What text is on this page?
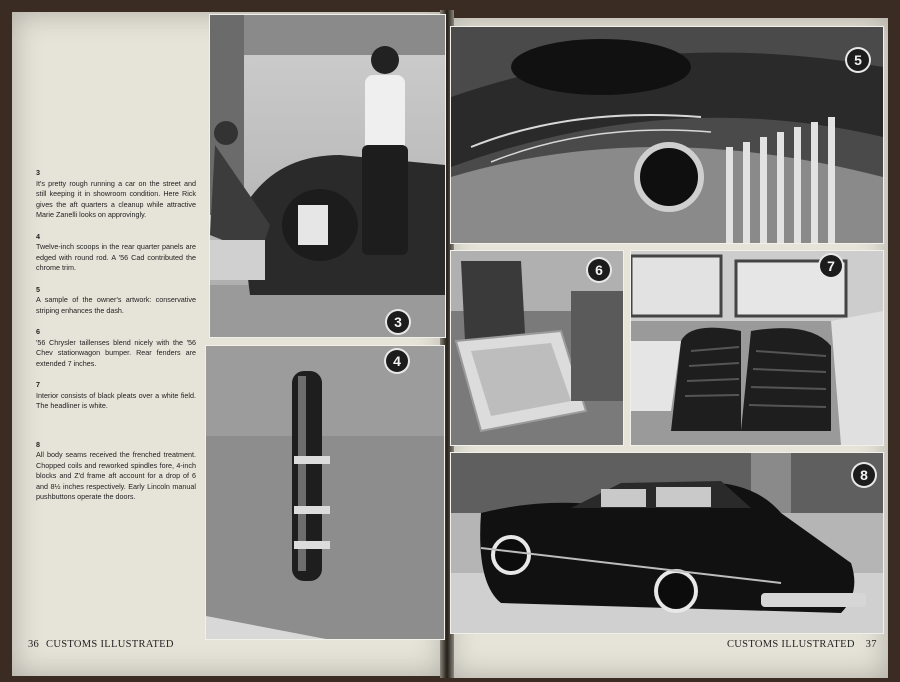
3
It's pretty rough running a car on the street and still keeping it in showroom condition. Here Rick gives the aft quarters a cleanup while attractive Marie Zanelli looks on approvingly.

4
Twelve-inch scoops in the rear quarter panels are edged with round rod. A '56 Cad contributed the chrome trim.

5
A sample of the owner's artwork: conservative striping enhances the dash.

6
'56 Chrysler taillenses blend nicely with the '56 Chev stationwagon bumper. Rear fenders are extended 7 inches.

7
Interior consists of black pleats over a white field. The headliner is white.

8
All body seams received the frenched treatment. Chopped coils and reworked spindles fore, 4-inch blocks and Z'd frame aft account for a drop of 6 and 8½ inches respectively. Early Lincoln manual pushbuttons operate the doors.

3
4
5
6	7
8
36 CUSTOMS ILLUSTRATED	CUSTOMS ILLUSTRATED 37
